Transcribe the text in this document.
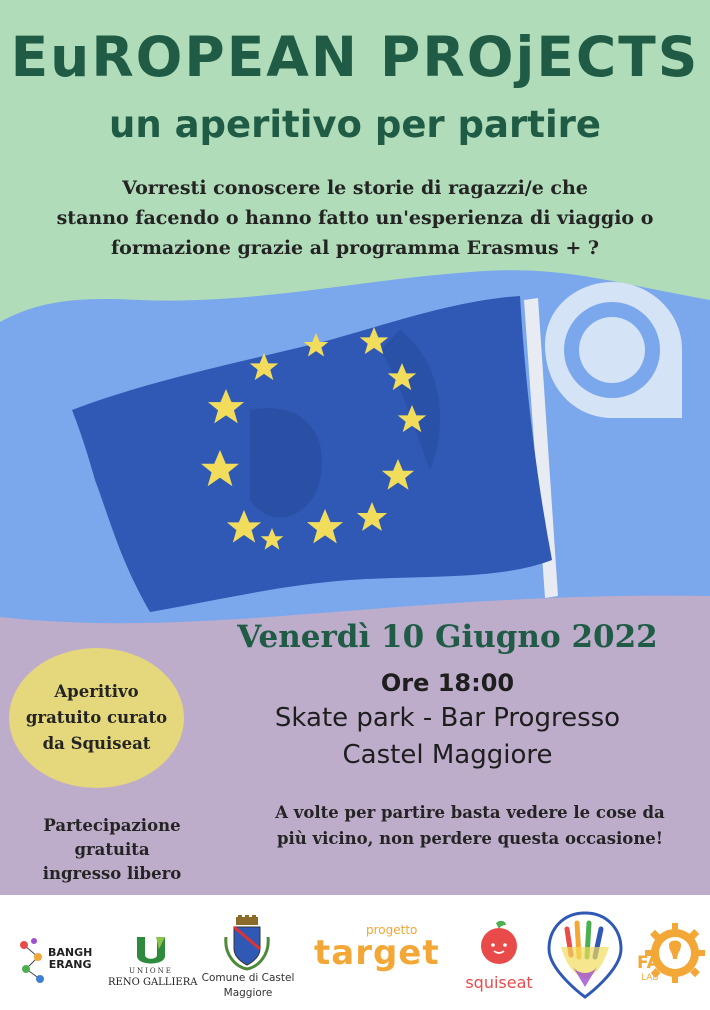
EuROPEAN PROjECTS
un aperitivo per partire
Vorresti conoscere le storie di ragazzi/e che
stanno facendo o hanno fatto un'esperienza di viaggio o
formazione grazie al programma Erasmus + ?
Venerdì 10 Giugno 2022
Ore 18:00
Skate park - Bar Progresso
Castel Maggiore
Aperitivo
gratuito curato
da Squiseat
Partecipazione
gratuita
ingresso libero
A volte per partire basta vedere le cose da
più vicino, non perdere questa occasione!
BANGH
ERANG	UNIONE
RENO GALLIERA Comune di Castel
Maggiore
progetto
target
squiseat
FA
LAB
